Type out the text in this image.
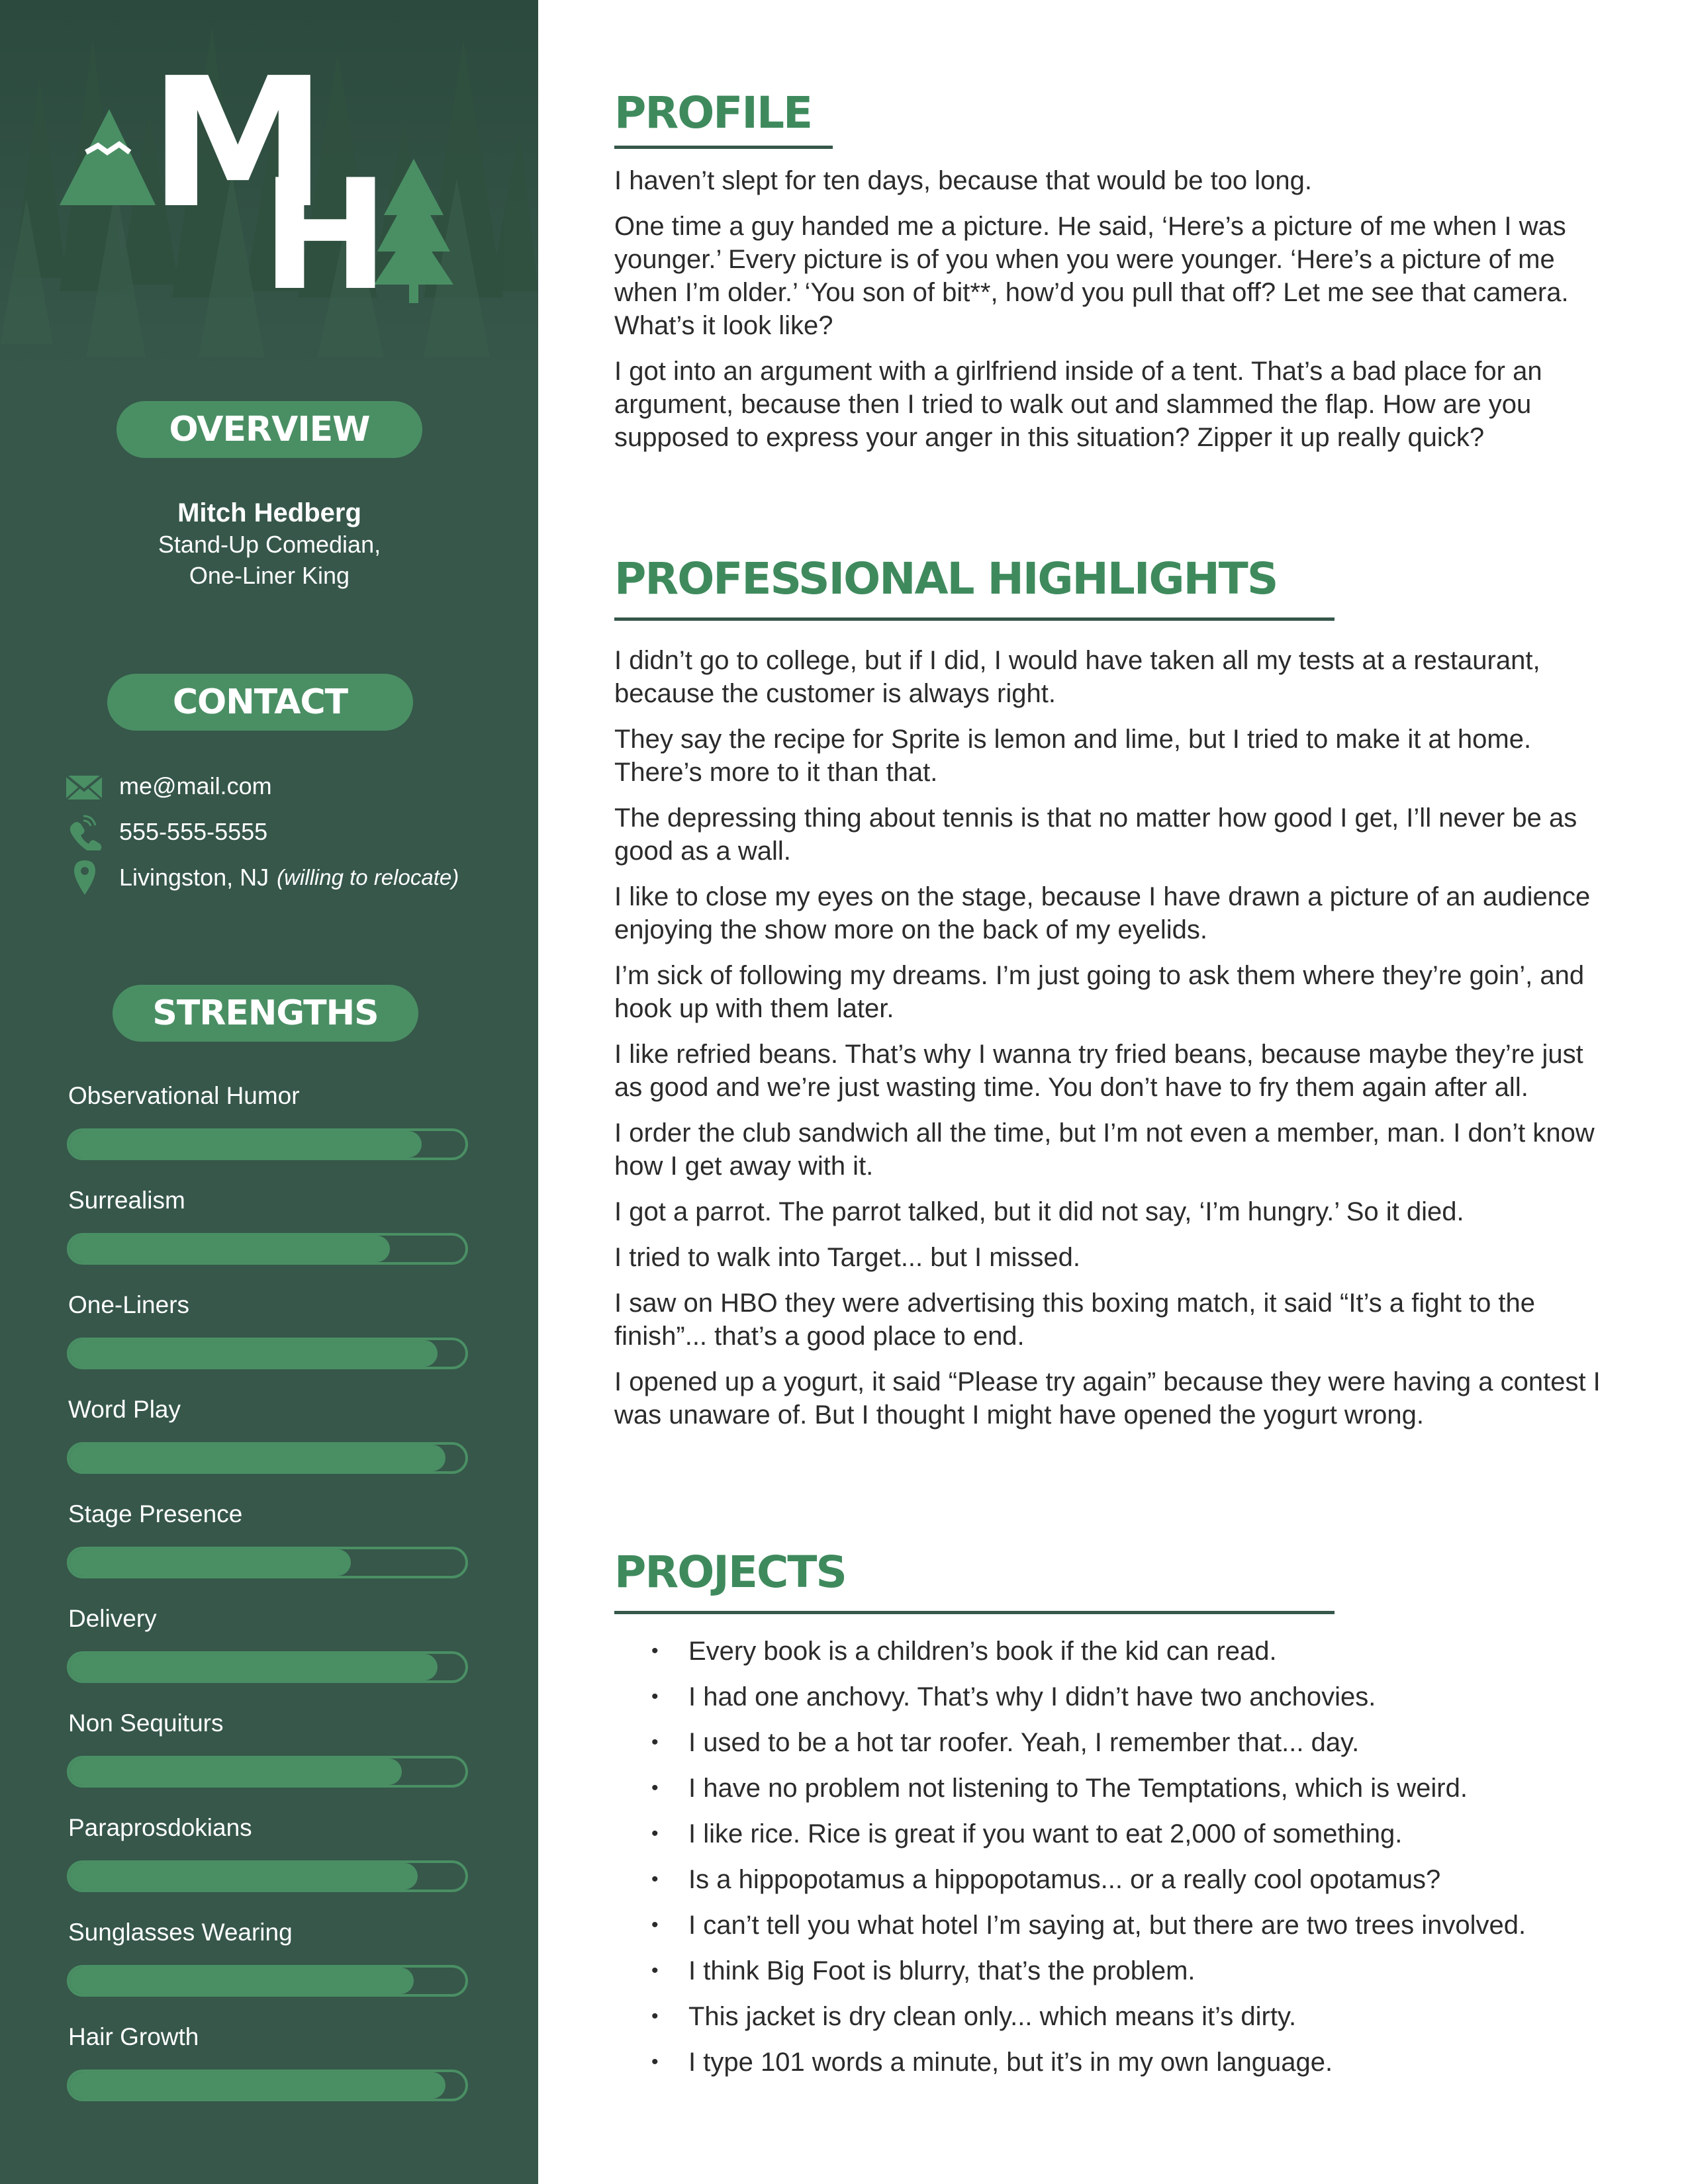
M
H
OVERVIEW
Mitch Hedberg
Stand-Up Comedian,
One-Liner King
CONTACT
me@mail.com
555-555-5555
Livingston, NJ (willing to relocate)
STRENGTHS
Observational Humor
Surrealism
One-Liners
Word Play
Stage Presence
Delivery
Non Sequiturs
Paraprosdokians
Sunglasses Wearing
Hair Growth
PROFILE

I haven’t slept for ten days, because that would be too long.

One time a guy handed me a picture. He said, ‘Here’s a picture of me when I was younger.’ Every picture is of you when you were younger. ‘Here’s a picture of me when I’m older.’ ‘You son of bit**, how’d you pull that off? Let me see that camera. What’s it look like?

I got into an argument with a girlfriend inside of a tent. That’s a bad place for an argument, because then I tried to walk out and slammed the flap. How are you supposed to express your anger in this situation? Zipper it up really quick?

PROFESSIONAL HIGHLIGHTS

I didn’t go to college, but if I did, I would have taken all my tests at a restaurant, because the customer is always right.

They say the recipe for Sprite is lemon and lime, but I tried to make it at home. There’s more to it than that.

The depressing thing about tennis is that no matter how good I get, I’ll never be as good as a wall.

I like to close my eyes on the stage, because I have drawn a picture of an audience enjoying the show more on the back of my eyelids.

I’m sick of following my dreams. I’m just going to ask them where they’re goin’, and hook up with them later.

I like refried beans. That’s why I wanna try fried beans, because maybe they’re just as good and we’re just wasting time. You don’t have to fry them again after all.

I order the club sandwich all the time, but I’m not even a member, man. I don’t know how I get away with it.

I got a parrot. The parrot talked, but it did not say, ‘I’m hungry.’ So it died.

I tried to walk into Target... but I missed.

I saw on HBO they were advertising this boxing match, it said “It’s a fight to the finish”... that’s a good place to end.

I opened up a yogurt, it said “Please try again” because they were having a contest I was unaware of. But I thought I might have opened the yogurt wrong.

PROJECTS
• Every book is a children’s book if the kid can read.
• I had one anchovy. That’s why I didn’t have two anchovies.
• I used to be a hot tar roofer. Yeah, I remember that... day.
• I have no problem not listening to The Temptations, which is weird.
• I like rice. Rice is great if you want to eat 2,000 of something.
• Is a hippopotamus a hippopotamus... or a really cool opotamus?
• I can’t tell you what hotel I’m saying at, but there are two trees involved.
• I think Big Foot is blurry, that’s the problem.
• This jacket is dry clean only... which means it’s dirty.
• I type 101 words a minute, but it’s in my own language.
